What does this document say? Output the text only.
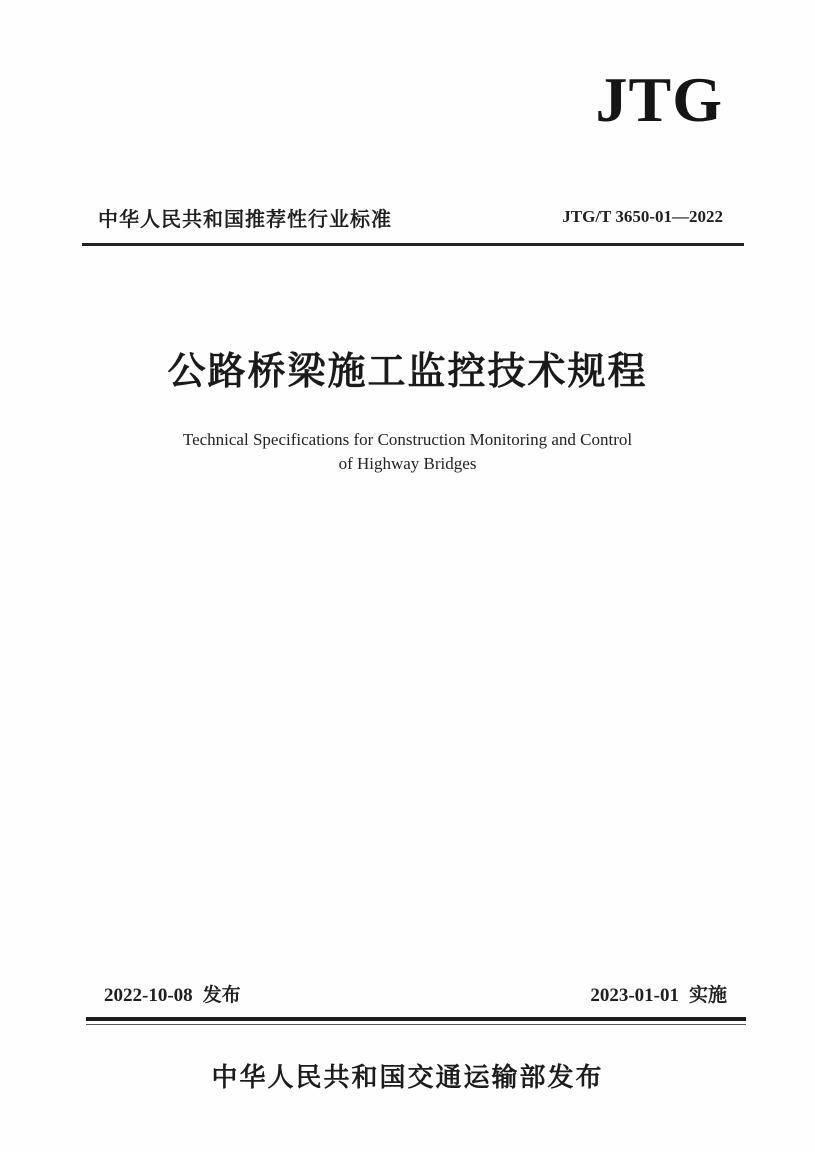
JTG
中华人民共和国推荐性行业标准	JTG/T 3650-01—2022
公路桥梁施工监控技术规程
Technical Specifications for Construction Monitoring and Control
of Highway Bridges
2022-10-08 发布	2023-01-01 实施
中华人民共和国交通运输部发布
